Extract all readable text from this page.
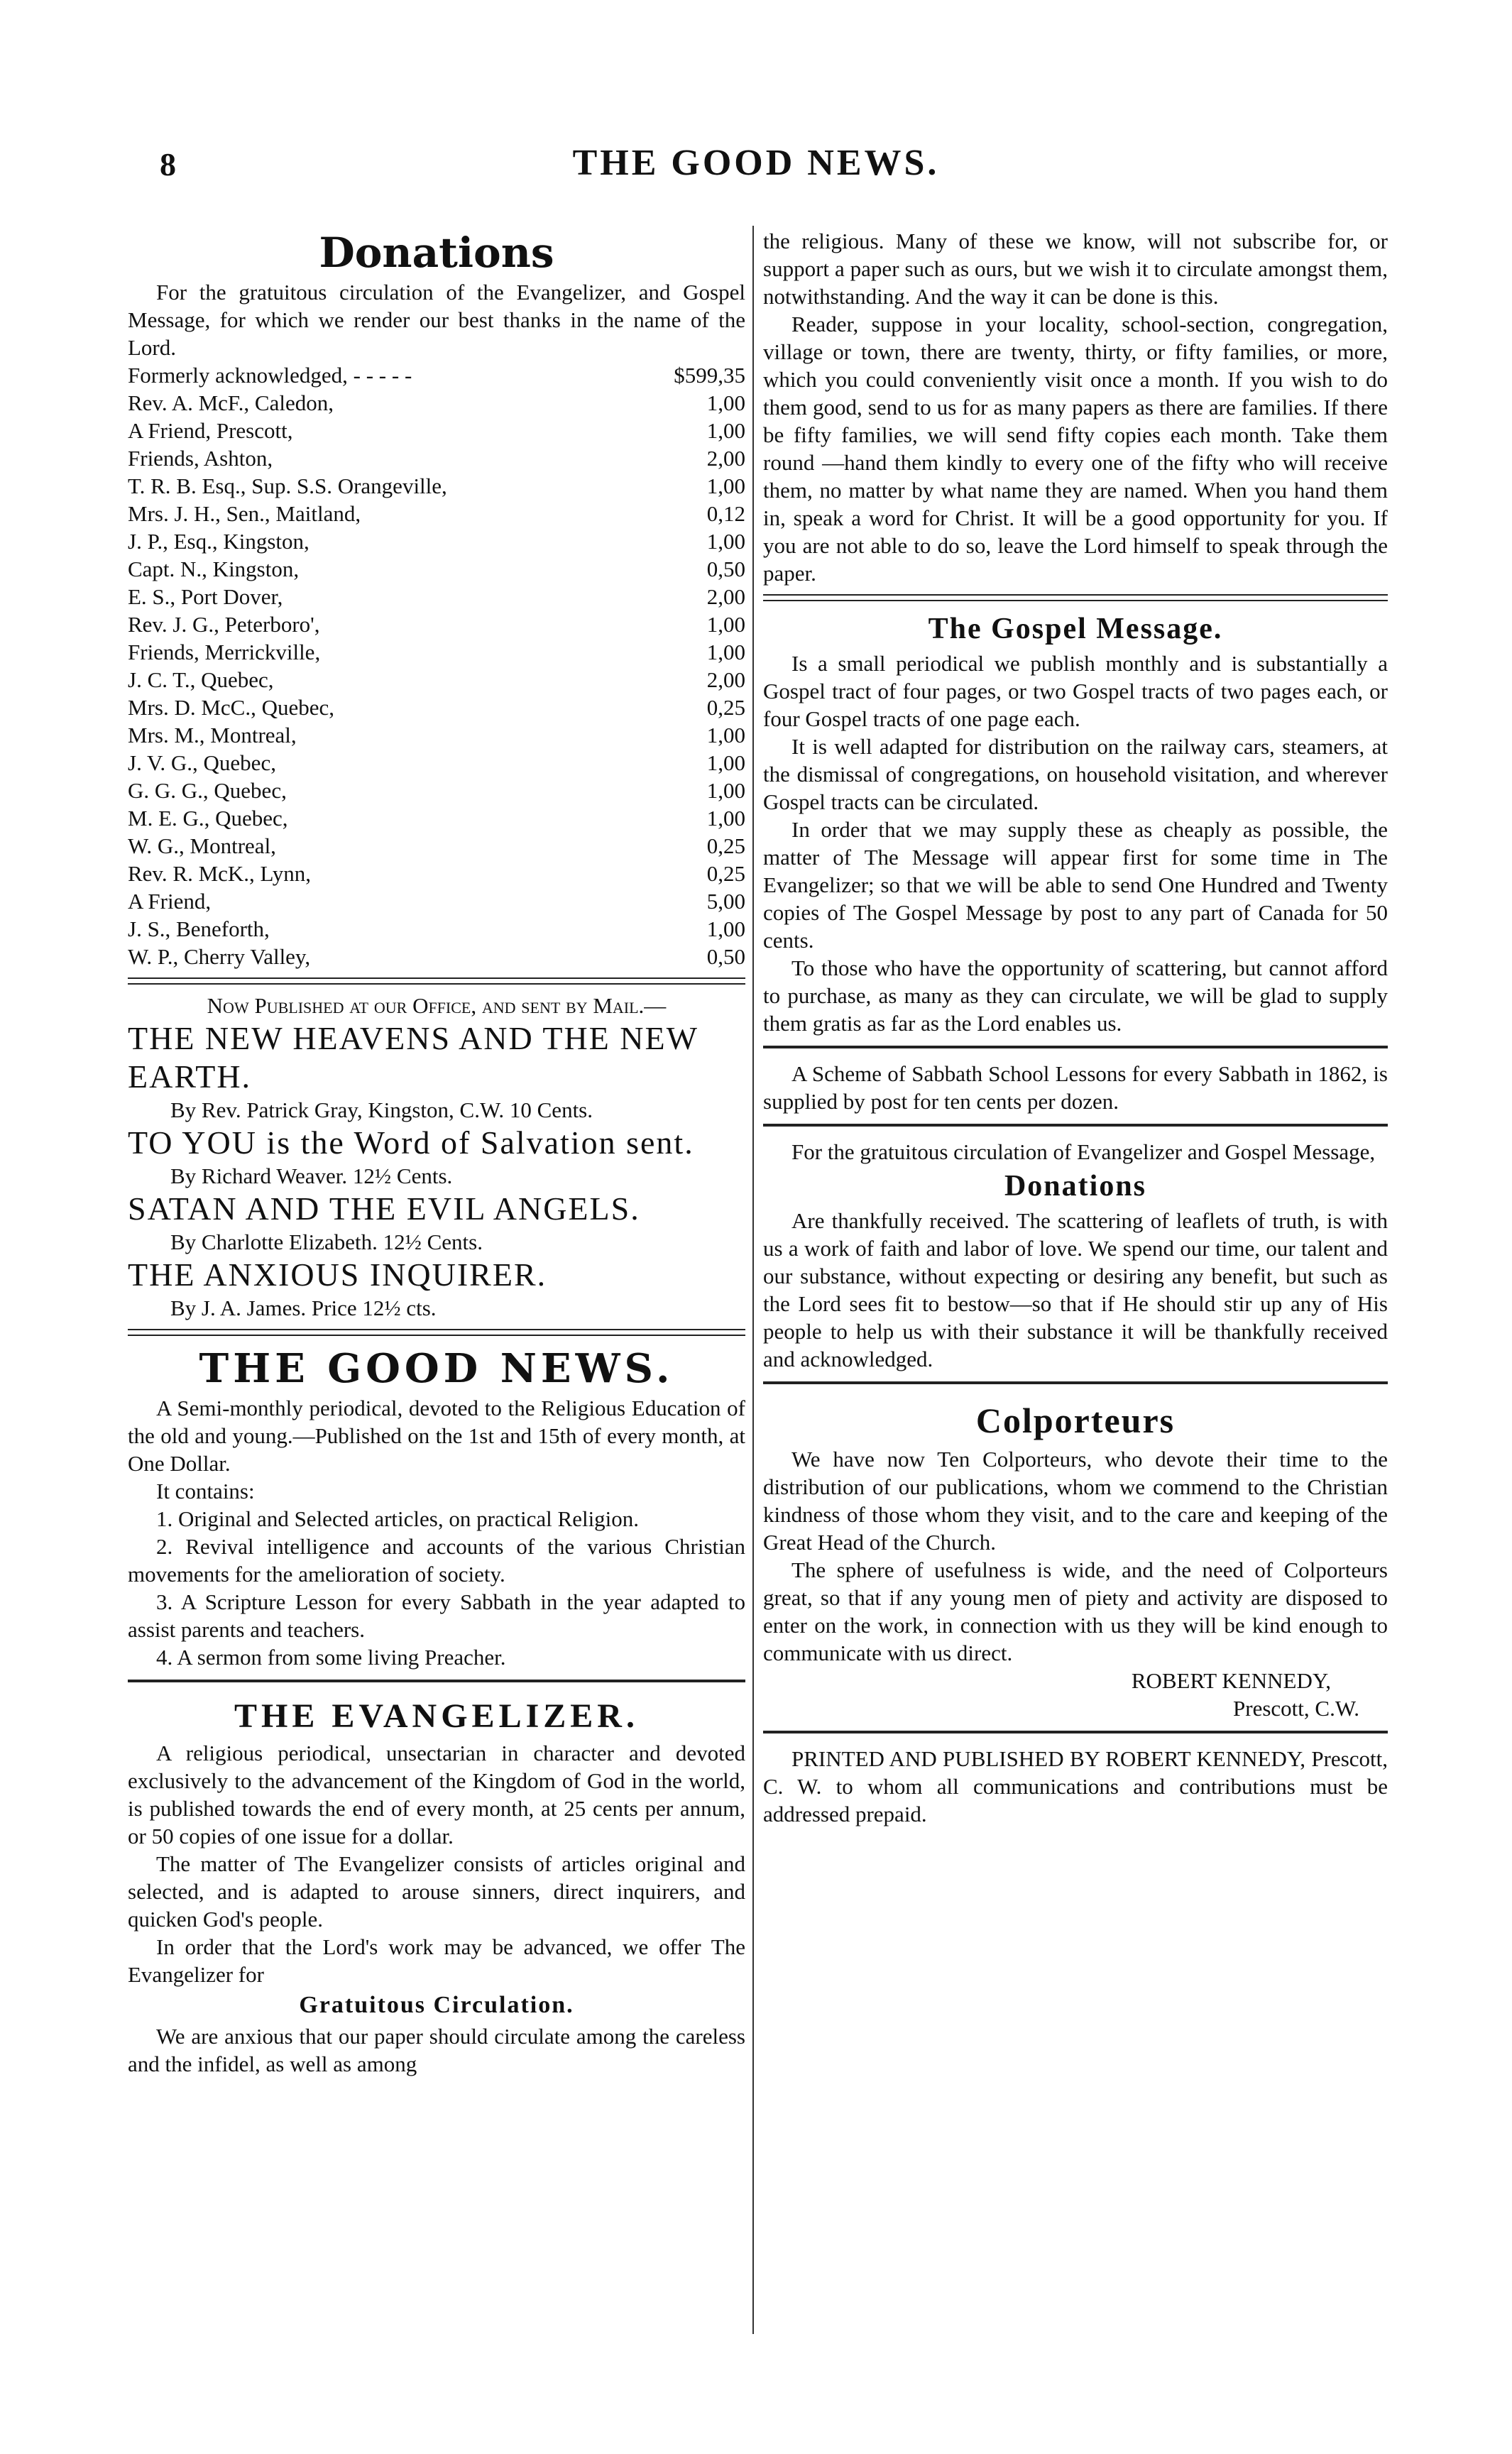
8	THE GOOD NEWS.
Donations

For the gratuitous circulation of the Evangelizer, and Gospel Message, for which we render our best thanks in the name of the Lord.

Formerly acknowledged, - - - - -	$599,35
Rev. A. McF., Caledon,	1,00
A Friend, Prescott,	1,00
Friends, Ashton,	2,00
T. R. B. Esq., Sup. S.S. Orangeville,	1,00
Mrs. J. H., Sen., Maitland,	0,12
J. P., Esq., Kingston,	1,00
Capt. N., Kingston,	0,50
E. S., Port Dover,	2,00
Rev. J. G., Peterboro',	1,00
Friends, Merrickville,	1,00
J. C. T., Quebec,	2,00
Mrs. D. McC., Quebec,	0,25
Mrs. M., Montreal,	1,00
J. V. G., Quebec,	1,00
G. G. G., Quebec,	1,00
M. E. G., Quebec,	1,00
W. G., Montreal,	0,25
Rev. R. McK., Lynn,	0,25
A Friend,	5,00
J. S., Beneforth,	1,00
W. P., Cherry Valley,	0,50

Now Published at our Office, and sent by Mail.—

THE NEW HEAVENS AND THE NEW EARTH.
By Rev. Patrick Gray, Kingston, C.W. 10 Cents.
TO YOU is the Word of Salvation sent.
By Richard Weaver. 12½ Cents.
SATAN AND THE EVIL ANGELS.
By Charlotte Elizabeth. 12½ Cents.
THE ANXIOUS INQUIRER.
By J. A. James. Price 12½ cts.
THE GOOD NEWS.

A Semi-monthly periodical, devoted to the Religious Education of the old and young.—Published on the 1st and 15th of every month, at One Dollar.

It contains:

1. Original and Selected articles, on practical Religion.

2. Revival intelligence and accounts of the various Christian movements for the amelioration of society.

3. A Scripture Lesson for every Sabbath in the year adapted to assist parents and teachers.

4. A sermon from some living Preacher.

THE EVANGELIZER.

A religious periodical, unsectarian in character and devoted exclusively to the advancement of the Kingdom of God in the world, is published towards the end of every month, at 25 cents per annum, or 50 copies of one issue for a dollar.

The matter of The Evangelizer consists of articles original and selected, and is adapted to arouse sinners, direct inquirers, and quicken God's people.

In order that the Lord's work may be advanced, we offer The Evangelizer for

Gratuitous Circulation.

We are anxious that our paper should circulate among the careless and the infidel, as well as among

the religious. Many of these we know, will not subscribe for, or support a paper such as ours, but we wish it to circulate amongst them, notwithstanding. And the way it can be done is this.

Reader, suppose in your locality, school-section, congregation, village or town, there are twenty, thirty, or fifty families, or more, which you could conveniently visit once a month. If you wish to do them good, send to us for as many papers as there are families. If there be fifty families, we will send fifty copies each month. Take them round —hand them kindly to every one of the fifty who will receive them, no matter by what name they are named. When you hand them in, speak a word for Christ. It will be a good opportunity for you. If you are not able to do so, leave the Lord himself to speak through the paper.

The Gospel Message.

Is a small periodical we publish monthly and is substantially a Gospel tract of four pages, or two Gospel tracts of two pages each, or four Gospel tracts of one page each.

It is well adapted for distribution on the railway cars, steamers, at the dismissal of congregations, on household visitation, and wherever Gospel tracts can be circulated.

In order that we may supply these as cheaply as possible, the matter of The Message will appear first for some time in The Evangelizer; so that we will be able to send One Hundred and Twenty copies of The Gospel Message by post to any part of Canada for 50 cents.

To those who have the opportunity of scattering, but cannot afford to purchase, as many as they can circulate, we will be glad to supply them gratis as far as the Lord enables us.

A Scheme of Sabbath School Lessons for every Sabbath in 1862, is supplied by post for ten cents per dozen.

For the gratuitous circulation of Evangelizer and Gospel Message,

Donations

Are thankfully received. The scattering of leaflets of truth, is with us a work of faith and labor of love. We spend our time, our talent and our substance, without expecting or desiring any benefit, but such as the Lord sees fit to bestow—so that if He should stir up any of His people to help us with their substance it will be thankfully received and acknowledged.

Colporteurs

We have now Ten Colporteurs, who devote their time to the distribution of our publications, whom we commend to the Christian kindness of those whom they visit, and to the care and keeping of the Great Head of the Church.

The sphere of usefulness is wide, and the need of Colporteurs great, so that if any young men of piety and activity are disposed to enter on the work, in connection with us they will be kind enough to communicate with us direct.

ROBERT KENNEDY,
Prescott, C.W.

PRINTED AND PUBLISHED BY ROBERT KENNEDY, Prescott, C. W. to whom all communications and contributions must be addressed prepaid.
